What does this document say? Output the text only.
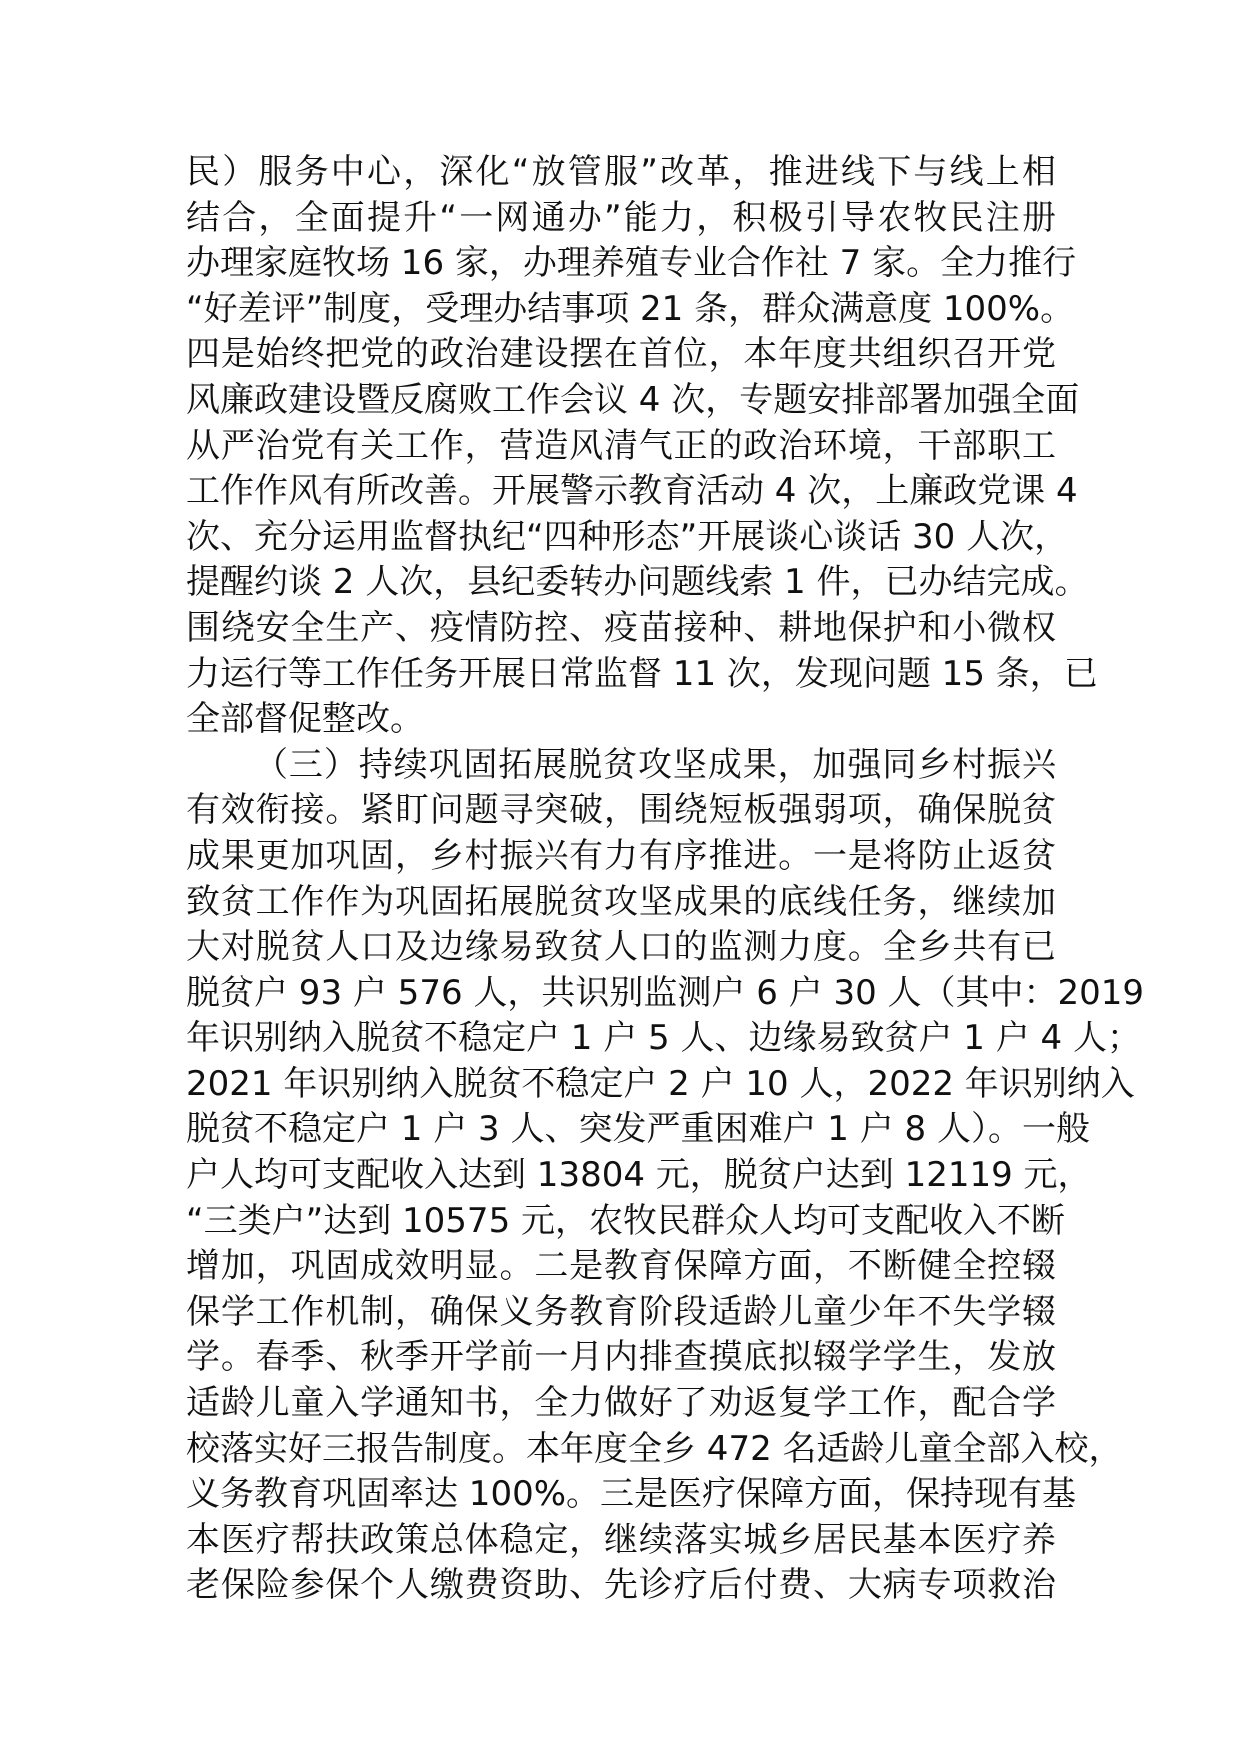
民）服务中心，深化“放管服”改革，推进线下与线上相
结合，全面提升“一网通办”能力，积极引导农牧民注册
办理家庭牧场 16 家，办理养殖专业合作社 7 家。全力推行
“好差评”制度，受理办结事项 21 条，群众满意度 100%。
四是始终把党的政治建设摆在首位，本年度共组织召开党
风廉政建设暨反腐败工作会议 4 次，专题安排部署加强全面
从严治党有关工作，营造风清气正的政治环境，干部职工
工作作风有所改善。开展警示教育活动 4 次，上廉政党课 4
次、充分运用监督执纪“四种形态”开展谈心谈话 30 人次，
提醒约谈 2 人次，县纪委转办问题线索 1 件，已办结完成。
围绕安全生产、疫情防控、疫苗接种、耕地保护和小微权
力运行等工作任务开展日常监督 11 次，发现问题 15 条，已
全部督促整改。
（三）持续巩固拓展脱贫攻坚成果，加强同乡村振兴
有效衔接。紧盯问题寻突破，围绕短板强弱项，确保脱贫
成果更加巩固，乡村振兴有力有序推进。一是将防止返贫
致贫工作作为巩固拓展脱贫攻坚成果的底线任务，继续加
大对脱贫人口及边缘易致贫人口的监测力度。全乡共有已
脱贫户 93 户 576 人，共识别监测户 6 户 30 人（其中：2019
年识别纳入脱贫不稳定户 1 户 5 人、边缘易致贫户 1 户 4 人；
2021 年识别纳入脱贫不稳定户 2 户 10 人，2022 年识别纳入
脱贫不稳定户 1 户 3 人、突发严重困难户 1 户 8 人）。一般
户人均可支配收入达到 13804 元，脱贫户达到 12119 元，
“三类户”达到 10575 元，农牧民群众人均可支配收入不断
增加，巩固成效明显。二是教育保障方面，不断健全控辍
保学工作机制，确保义务教育阶段适龄儿童少年不失学辍
学。春季、秋季开学前一月内排查摸底拟辍学学生，发放
适龄儿童入学通知书，全力做好了劝返复学工作，配合学
校落实好三报告制度。本年度全乡 472 名适龄儿童全部入校，
义务教育巩固率达 100%。三是医疗保障方面，保持现有基
本医疗帮扶政策总体稳定，继续落实城乡居民基本医疗养
老保险参保个人缴费资助、先诊疗后付费、大病专项救治
